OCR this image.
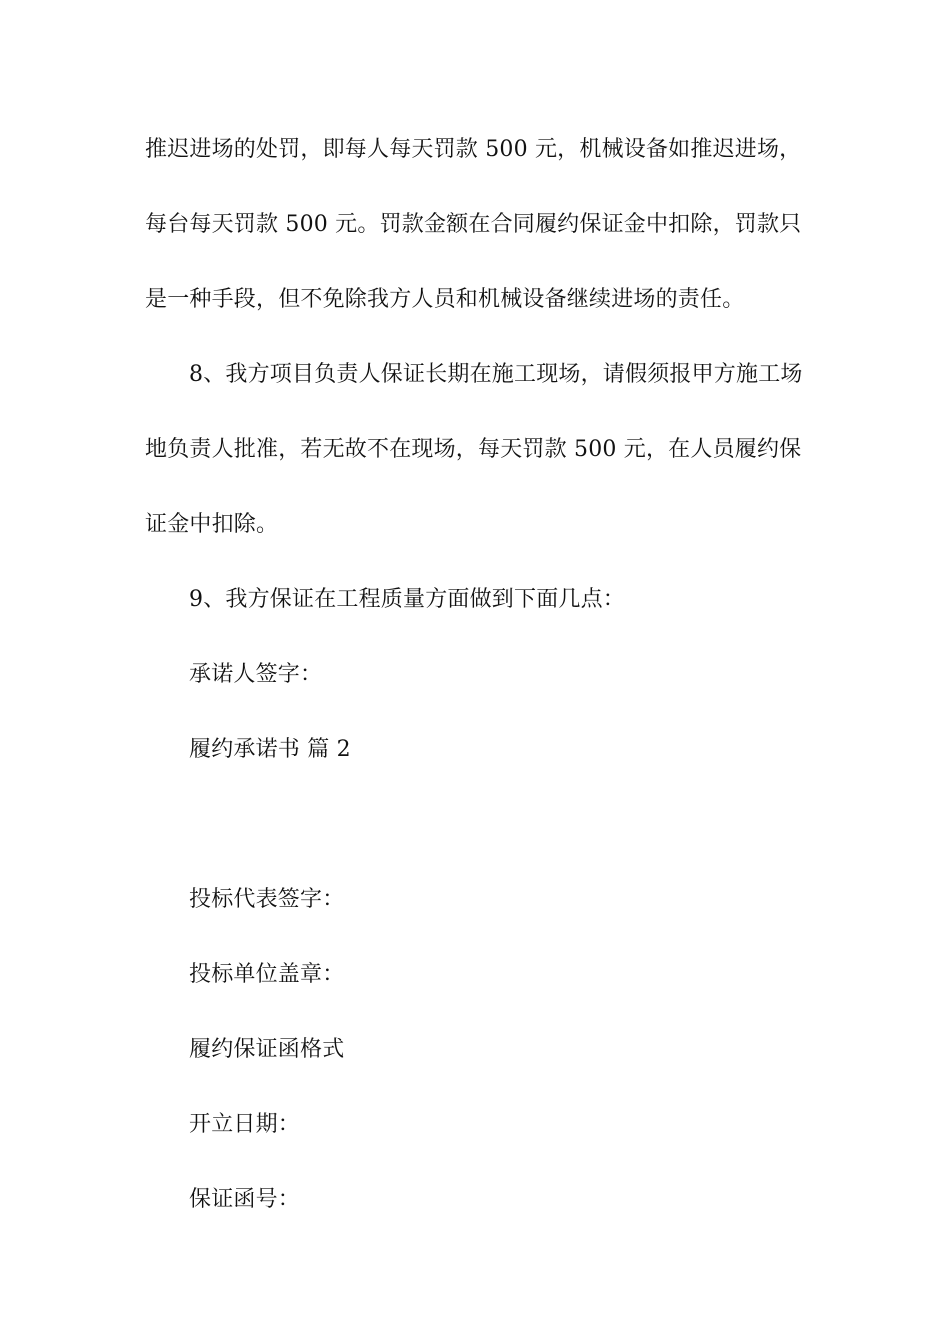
推迟进场的处罚，即每人每天罚款 500 元，机械设备如推迟进场，
每台每天罚款 500 元。罚款金额在合同履约保证金中扣除，罚款只
是一种手段，但不免除我方人员和机械设备继续进场的责任。
8、我方项目负责人保证长期在施工现场，请假须报甲方施工场
地负责人批准，若无故不在现场，每天罚款 500 元，在人员履约保
证金中扣除。
9、我方保证在工程质量方面做到下面几点：
承诺人签字：
履约承诺书 篇 2
投标代表签字：
投标单位盖章：
履约保证函格式
开立日期：
保证函号：
